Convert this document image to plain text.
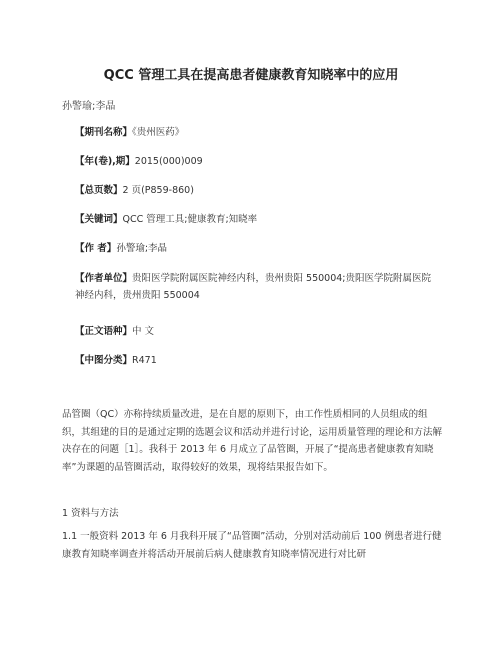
QCC 管理工具在提高患者健康教育知晓率中的应用
孙警瑜;李晶
【期刊名称】《贵州医药》
【年(卷),期】2015(000)009
【总页数】2 页(P859-860)
【关键词】QCC 管理工具;健康教育;知晓率
【作 者】孙警瑜;李晶
【作者单位】贵阳医学院附属医院神经内科，贵州贵阳 550004;贵阳医学院附属医院神经内科，贵州贵阳 550004
【正文语种】中 文
【中图分类】R471
品管圈（QC）亦称持续质量改进，是在自愿的原则下，由工作性质相同的人员组成的组织，其组建的目的是通过定期的选题会议和活动并进行讨论，运用质量管理的理论和方法解决存在的问题［1］。我科于 2013 年 6 月成立了品管圈，开展了“提高患者健康教育知晓率”为课题的品管圈活动，取得较好的效果，现将结果报告如下。
1 资料与方法
1.1 一般资料 2013 年 6 月我科开展了“品管圈”活动，分别对活动前后 100 例患者进行健康教育知晓率调查并将活动开展前后病人健康教育知晓率情况进行对比研
